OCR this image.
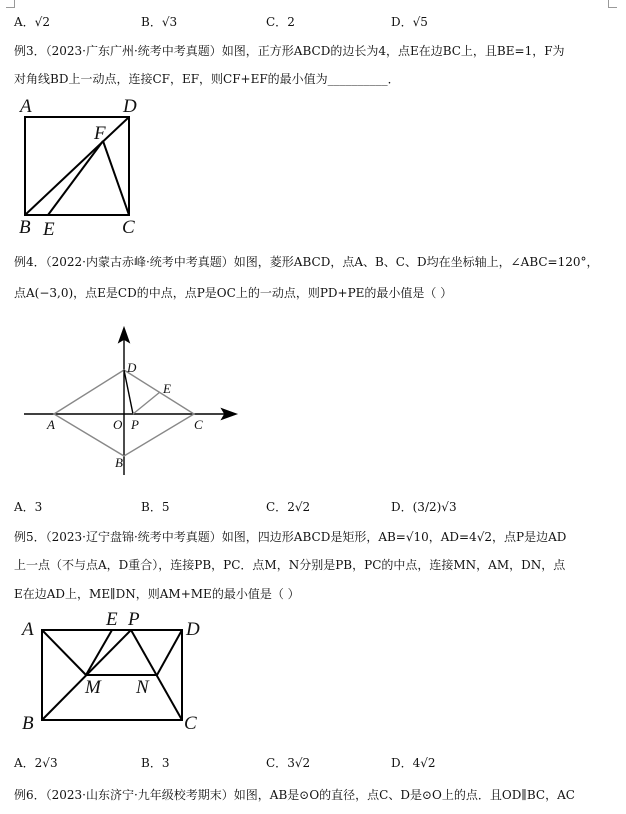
A．√2	B．√3	C．2	D．√5
例3．（2023·广东广州·统考中考真题）如图，正方形ABCD的边长为4，点E在边BC上，且BE=1，F为
对角线BD上一动点，连接CF，EF，则CF+EF的最小值为__________．
A	D
F
B E	C
例4．（2022·内蒙古赤峰·统考中考真题）如图，菱形ABCD，点A、B、C、D均在坐标轴上，∠ABC=120°，
点A(−3,0)，点E是CD的中点，点P是OC上的一动点，则PD+PE的最小值是（ ）
D
E
A	O P	C
B
A．3	B．5	C．2√2	D．(3/2)√3
例5．（2023·辽宁盘锦·统考中考真题）如图，四边形ABCD是矩形，AB=√10，AD=4√2，点P是边AD
上一点（不与点A，D重合），连接PB，PC．点M，N分别是PB，PC的中点，连接MN，AM，DN，点
E在边AD上，ME∥DN，则AM+ME的最小值是（ ）
A	E P D
M N
B	C
A．2√3	B．3	C．3√2	D．4√2
例6．（2023·山东济宁·九年级校考期末）如图，AB是⊙O的直径，点C、D是⊙O上的点．且OD∥BC，AC
